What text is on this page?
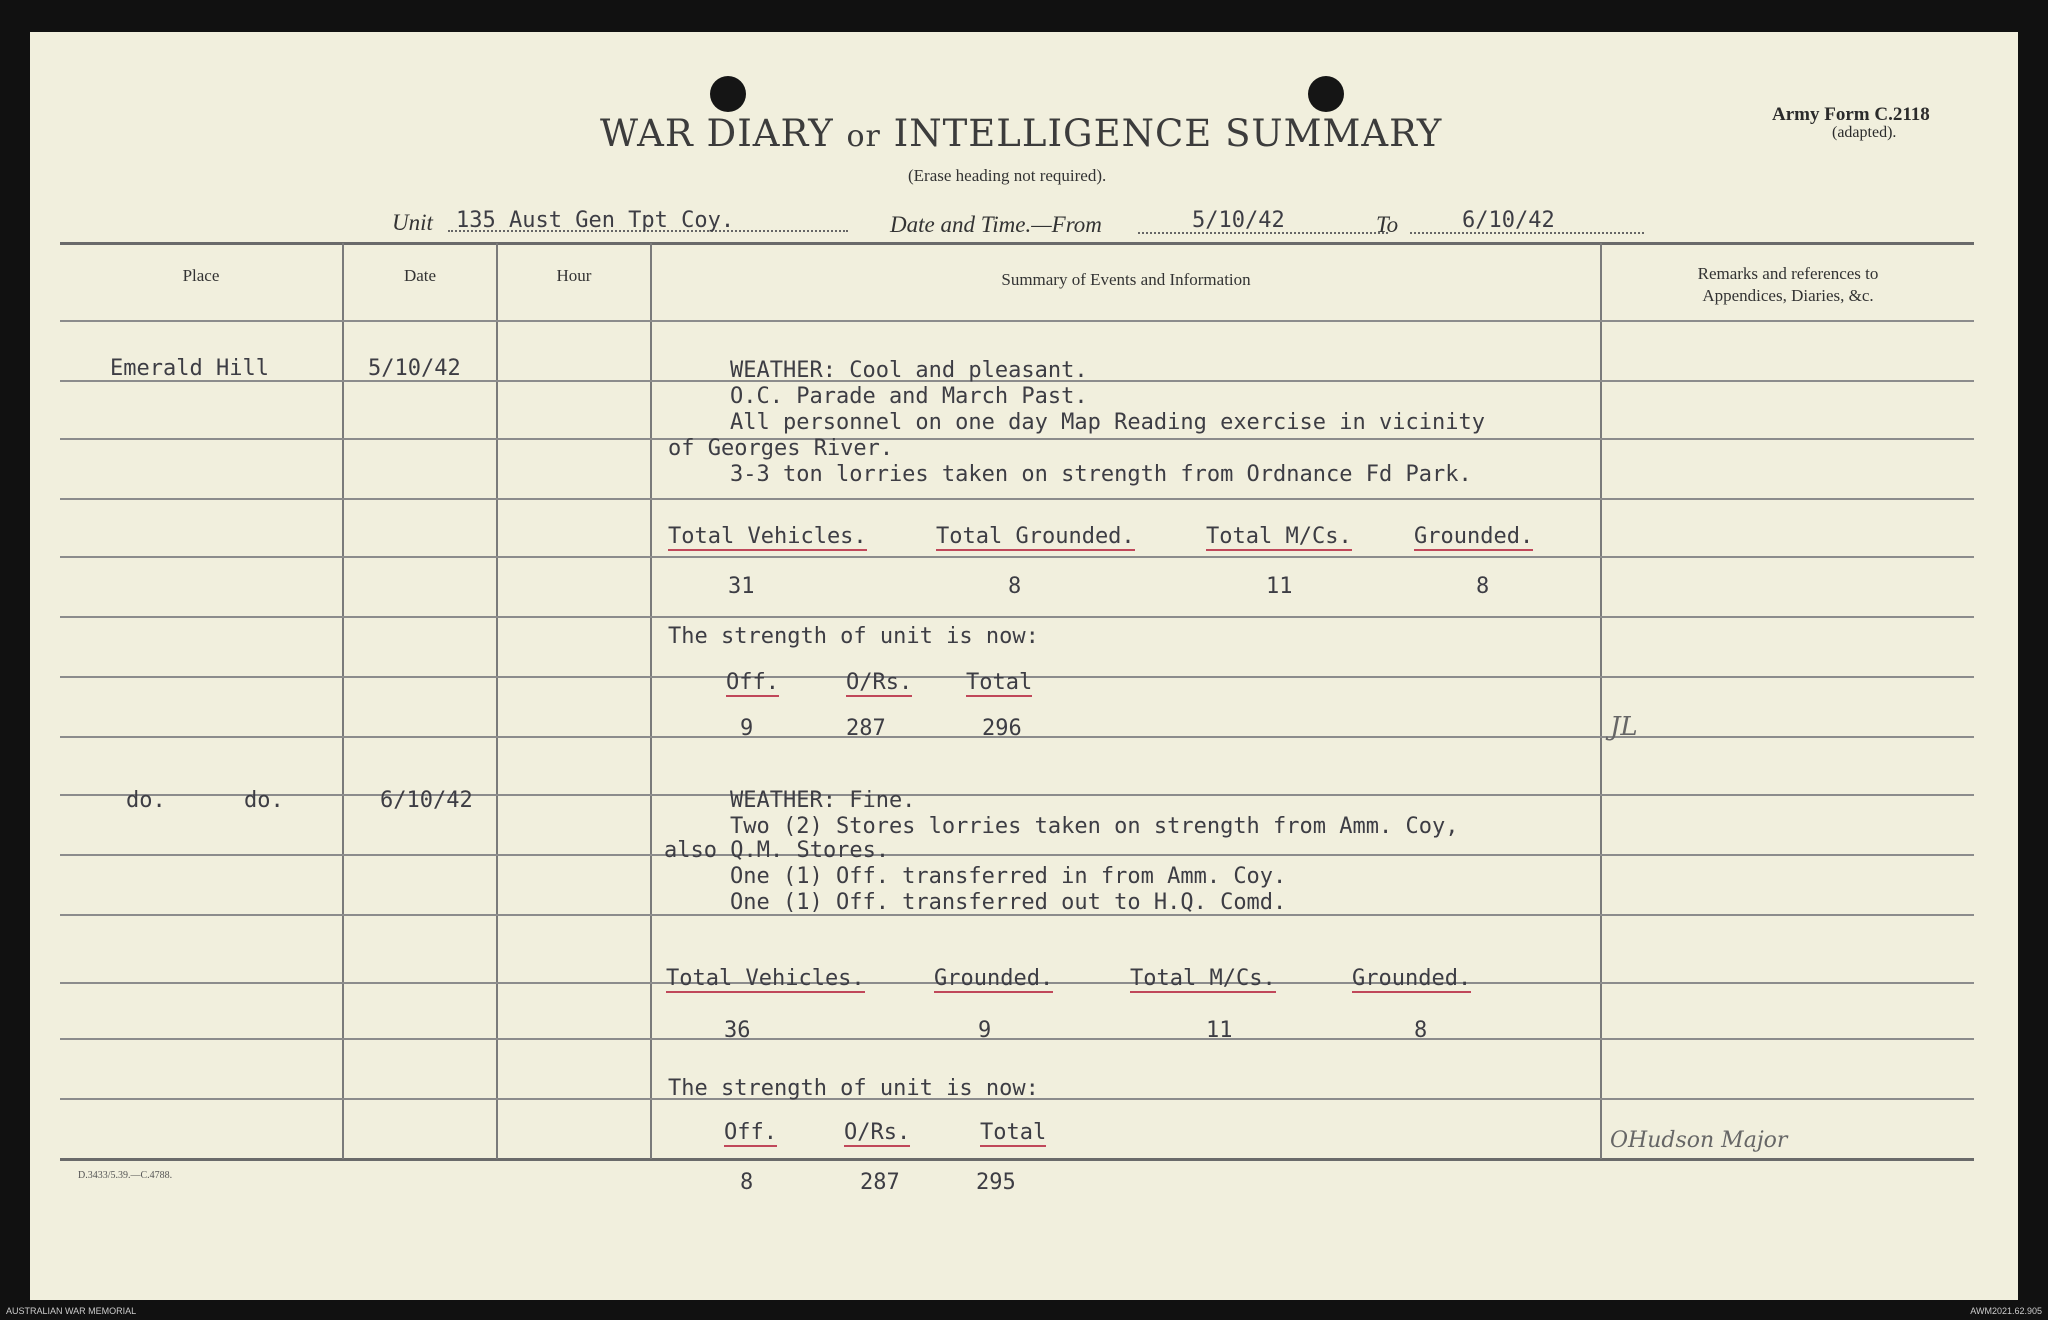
WAR DIARY or INTELLIGENCE SUMMARY
(Erase heading not required).
Army Form C.2118
(adapted).
Unit 135 Aust Gen Tpt Coy.	Date and Time.—From	5/10/42	To	6/10/42
Place	Date	Hour	Summary of Events and Information	Remarks and references to
Appendices, Diaries, &c.
Emerald Hill	5/10/42	WEATHER: Cool and pleasant.
O.C. Parade and March Past.
All personnel on one day Map Reading exercise in vicinity
of Georges River.
3-3 ton lorries taken on strength from Ordnance Fd Park.
Total Vehicles.	Total Grounded.	Total M/Cs.	Grounded.
31	8	11	8
The strength of unit is now:
Off.	O/Rs. Total
9	287	296	JL
do.	do.	6/10/42	WEATHER: Fine.
Two (2) Stores lorries taken on strength from Amm. Coy,
also Q.M. Stores.
One (1) Off. transferred in from Amm. Coy.
One (1) Off. transferred out to H.Q. Comd.
Total Vehicles.	Grounded.	Total M/Cs.	Grounded.
36	9	11	8
The strength of unit is now:
Off.	O/Rs.	Total
8	287	295
OHudson Major
D.3433/5.39.—C.4788.
AUSTRALIAN WAR MEMORIAL	AWM2021.62.905
